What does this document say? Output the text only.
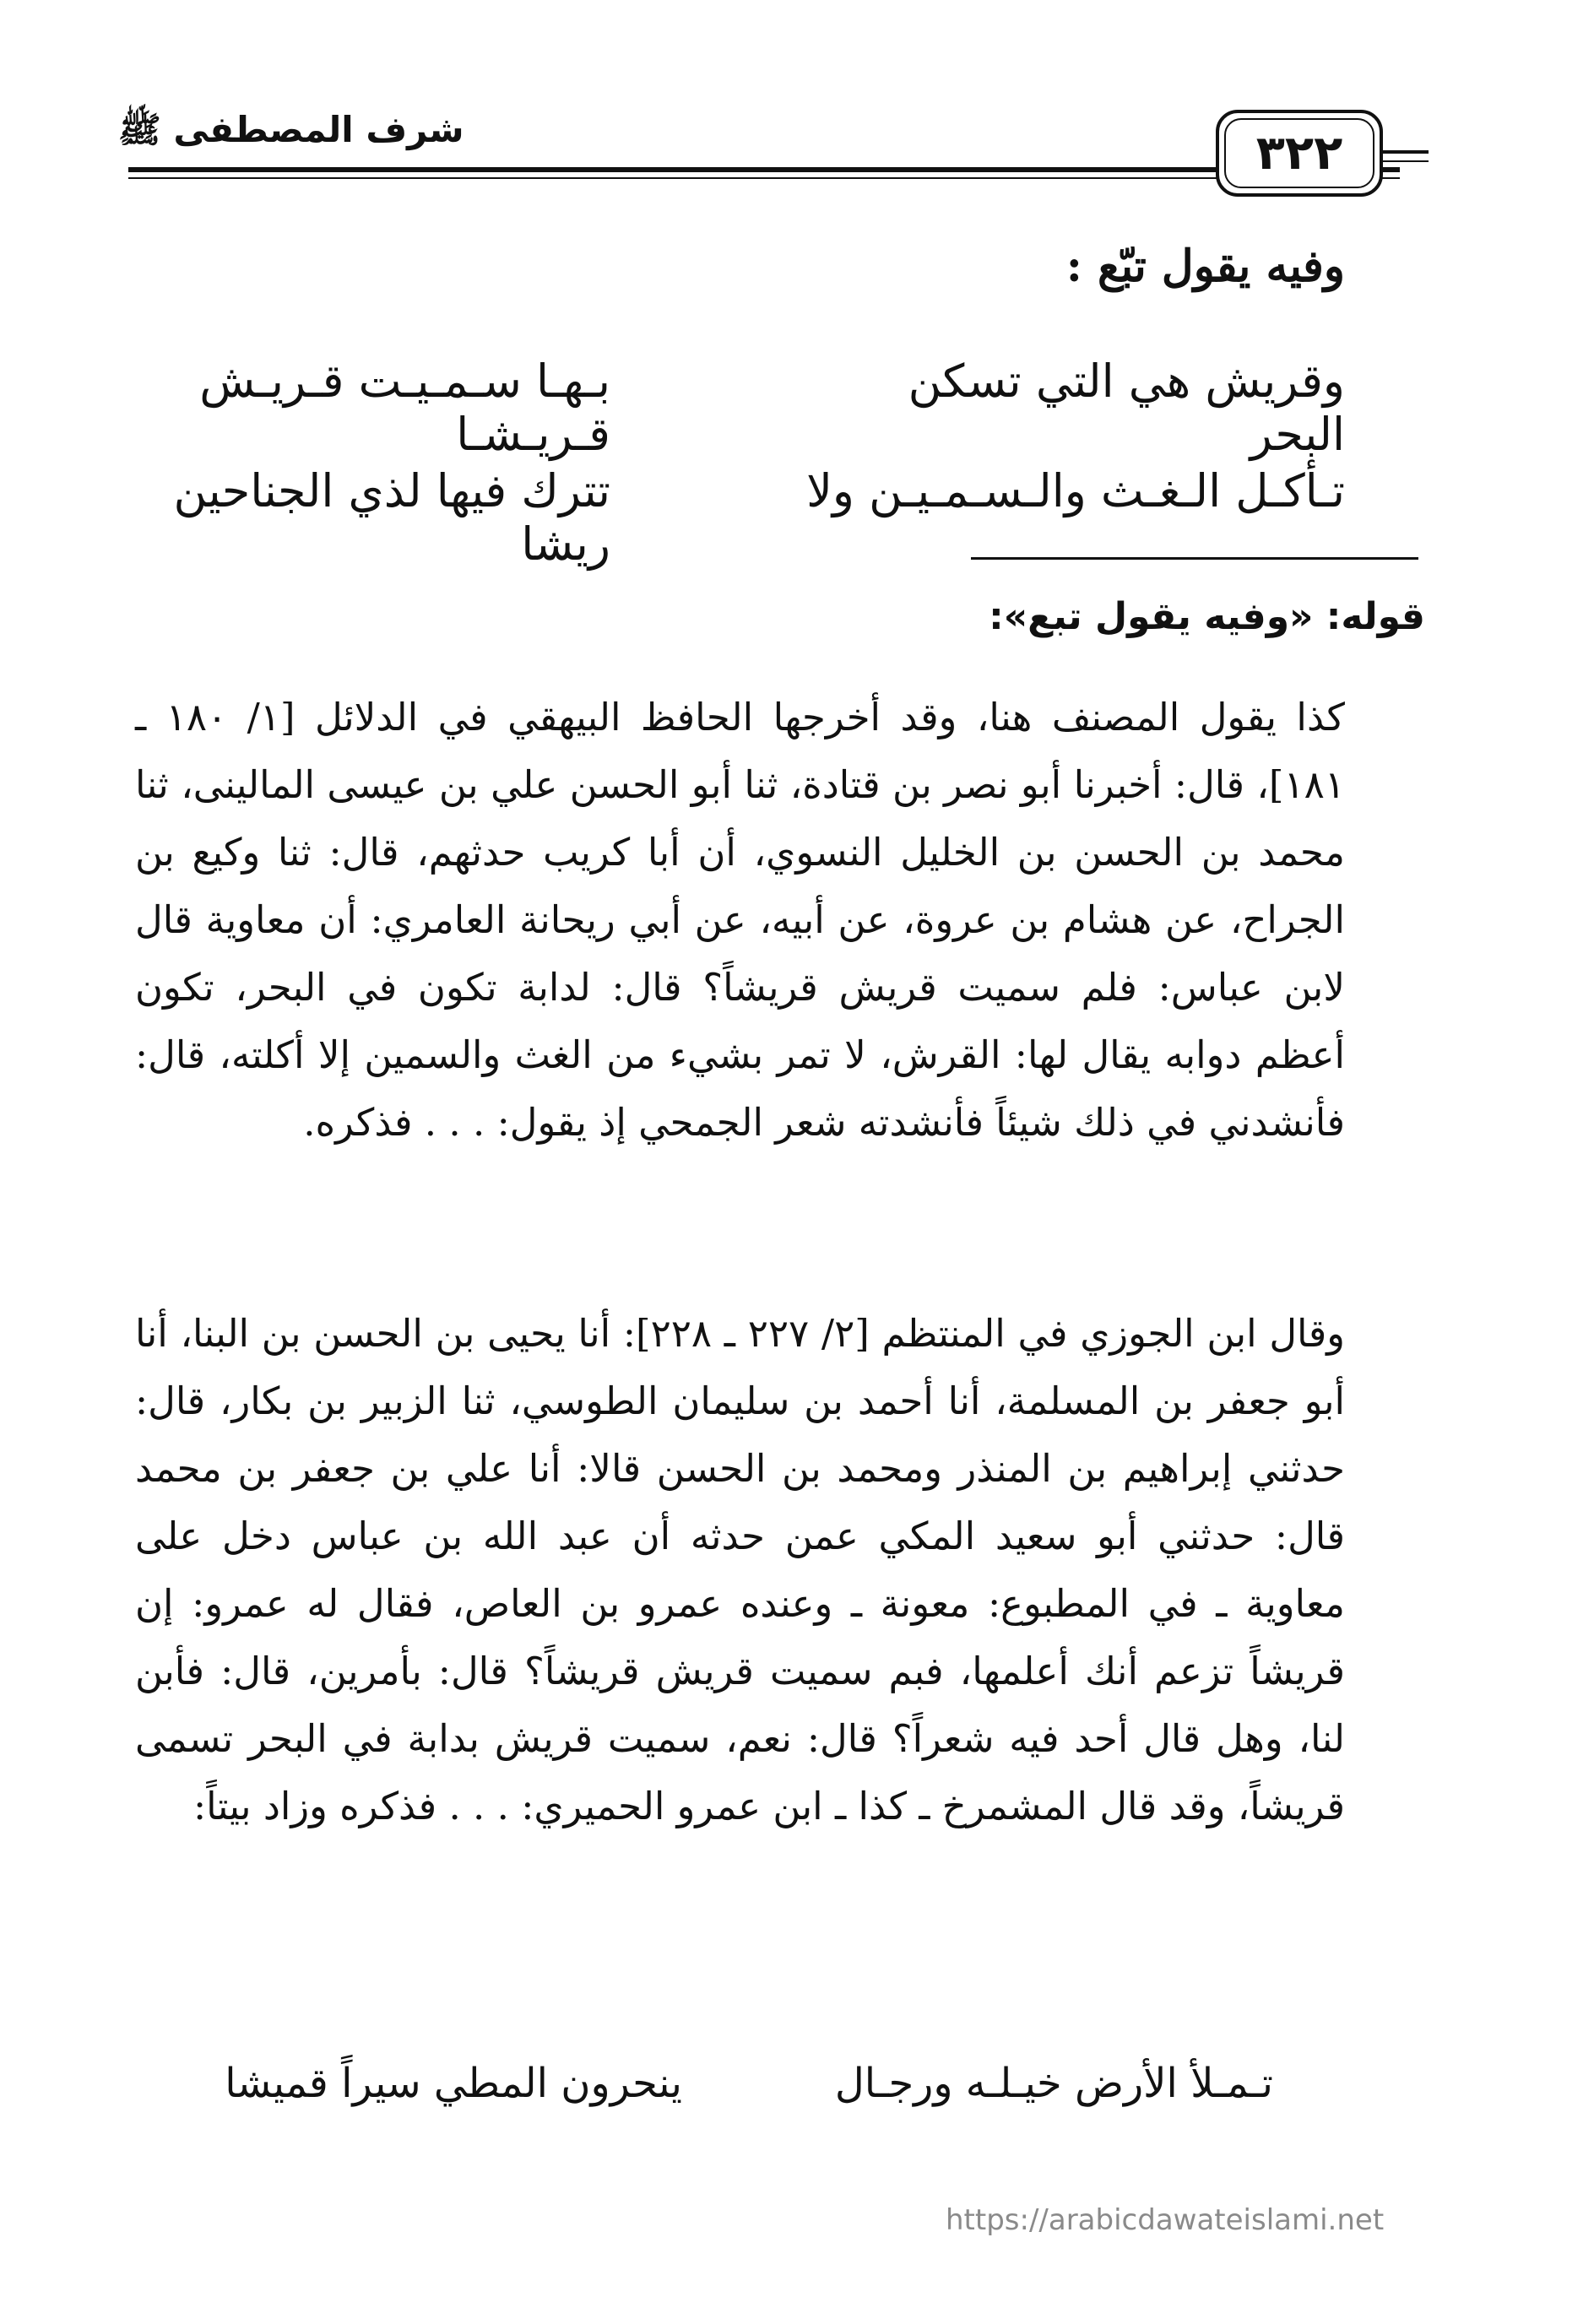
شرف المصطفى ﷺ	٣٢٢
وفيه يقول تبّع :
وقريش هي التي تسكن البحر
بـهـا سـمـيـت قـريـش قـريـشـا
تـأكـل الـغـث والـسـمـيـن ولا
تترك فيها لذي الجناحين ريشا
قوله: «وفيه يقول تبع»:

كذا يقول المصنف هنا، وقد أخرجها الحافظ البيهقي في الدلائل [١/ ١٨٠ ـ ١٨١]، قال: أخبرنا أبو نصر بن قتادة، ثنا أبو الحسن علي بن عيسى المالينى، ثنا محمد بن الحسن بن الخليل النسوي، أن أبا كريب حدثهم، قال: ثنا وكيع بن الجراح، عن هشام بن عروة، عن أبيه، عن أبي ريحانة العامري: أن معاوية قال لابن عباس: فلم سميت قريش قريشاً؟ قال: لدابة تكون في البحر، تكون أعظم دوابه يقال لها: القرش، لا تمر بشيء من الغث والسمين إلا أكلته، قال: فأنشدني في ذلك شيئاً فأنشدته شعر الجمحي إذ يقول: . . . فذكره.

وقال ابن الجوزي في المنتظم [٢/ ٢٢٧ ـ ٢٢٨]: أنا يحيى بن الحسن بن البنا، أنا أبو جعفر بن المسلمة، أنا أحمد بن سليمان الطوسي، ثنا الزبير بن بكار، قال: حدثني إبراهيم بن المنذر ومحمد بن الحسن قالا: أنا علي بن جعفر بن محمد قال: حدثني أبو سعيد المكي عمن حدثه أن عبد الله بن عباس دخل على معاوية ـ في المطبوع: معونة ـ وعنده عمرو بن العاص، فقال له عمرو: إن قريشاً تزعم أنك أعلمها، فبم سميت قريش قريشاً؟ قال: بأمرين، قال: فأبن لنا، وهل قال أحد فيه شعراً؟ قال: نعم، سميت قريش بدابة في البحر تسمى قريشاً، وقد قال المشمرخ ـ كذا ـ ابن عمرو الحميري: . . . فذكره وزاد بيتاً:

تـمـلأ الأرض خيـلـه ورجـال
ينحرون المطي سيراً قميشا
https://arabicdawateislami.net
